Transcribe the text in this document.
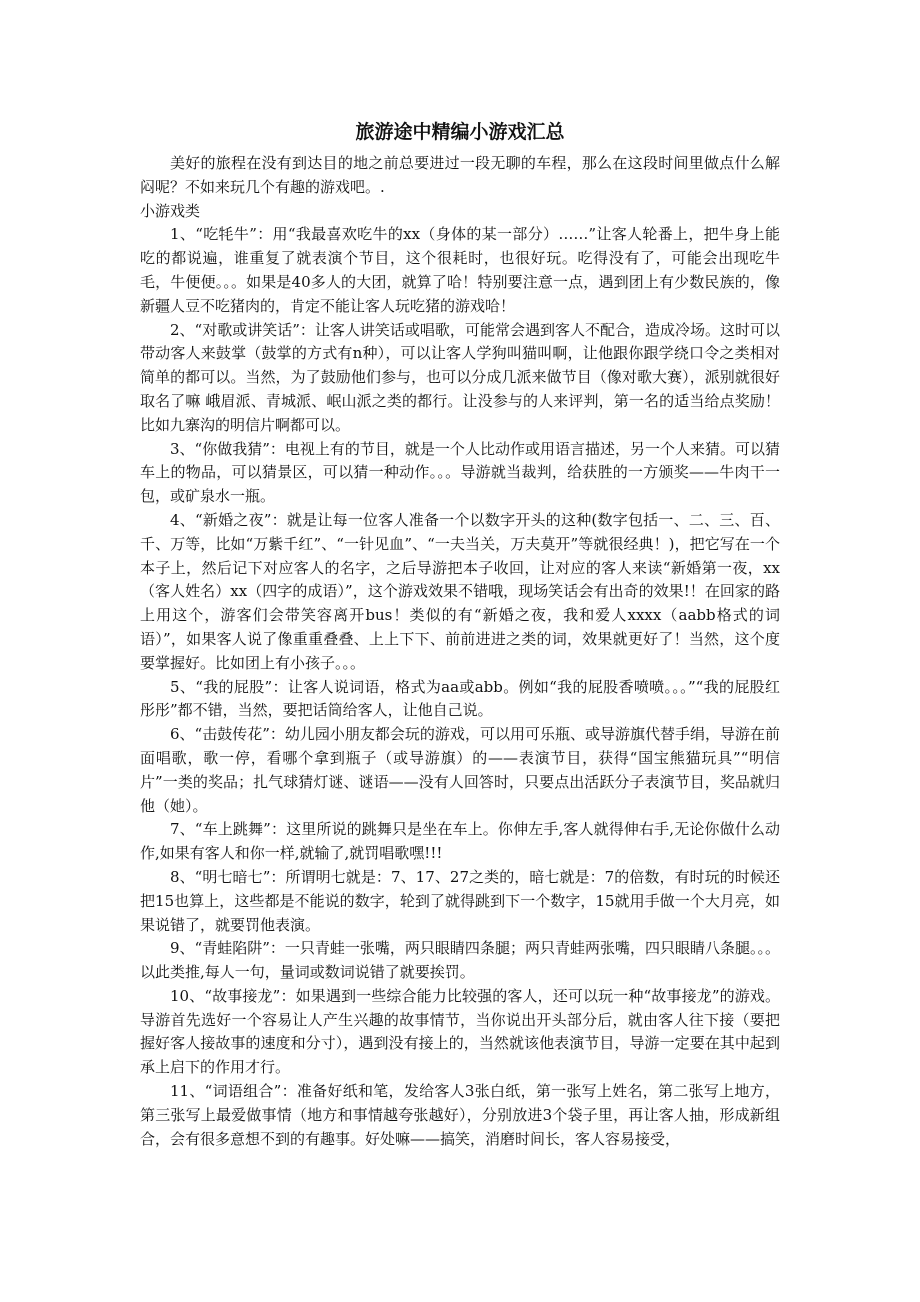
旅游途中精编小游戏汇总

美好的旅程在没有到达目的地之前总要进过一段无聊的车程，那么在这段时间里做点什么解闷呢？不如来玩几个有趣的游戏吧。.

小游戏类

1、“吃牦牛”：用“我最喜欢吃牛的xx（身体的某一部分）……”让客人轮番上，把牛身上能吃的都说遍，谁重复了就表演个节目，这个很耗时，也很好玩。吃得没有了，可能会出现吃牛毛，牛便便。。。如果是40多人的大团，就算了哈！特别要注意一点，遇到团上有少数民族的，像新疆人豆不吃猪肉的，肯定不能让客人玩吃猪的游戏哈！

2、“对歌或讲笑话”：让客人讲笑话或唱歌，可能常会遇到客人不配合，造成冷场。这时可以带动客人来鼓掌（鼓掌的方式有n种），可以让客人学狗叫猫叫啊，让他跟你跟学绕口令之类相对简单的都可以。当然，为了鼓励他们参与，也可以分成几派来做节目（像对歌大赛），派别就很好取名了嘛 峨眉派、青城派、岷山派之类的都行。让没参与的人来评判，第一名的适当给点奖励！比如九寨沟的明信片啊都可以。

3、“你做我猜”：电视上有的节目，就是一个人比动作或用语言描述，另一个人来猜。可以猜车上的物品，可以猜景区，可以猜一种动作。。。导游就当裁判，给获胜的一方颁奖——牛肉干一包，或矿泉水一瓶。

4、“新婚之夜”：就是让每一位客人准备一个以数字开头的这种(数字包括一、二、三、百、千、万等，比如“万紫千红”、“一针见血”、“一夫当关，万夫莫开”等就很经典！)，把它写在一个本子上，然后记下对应客人的名字，之后导游把本子收回，让对应的客人来读“新婚第一夜，xx（客人姓名）xx（四字的成语）”，这个游戏效果不错哦，现场笑话会有出奇的效果!！在回家的路上用这个，游客们会带笑容离开bus！类似的有“新婚之夜，我和爱人xxxx（aabb格式的词语）”，如果客人说了像重重叠叠、上上下下、前前进进之类的词，效果就更好了！当然，这个度要掌握好。比如团上有小孩子。。。

5、“我的屁股”：让客人说词语，格式为aa或abb。例如“我的屁股香喷喷。。。”“我的屁股红彤彤”都不错，当然，要把话筒给客人，让他自己说。

6、“击鼓传花”：幼儿园小朋友都会玩的游戏，可以用可乐瓶、或导游旗代替手绢，导游在前面唱歌，歌一停，看哪个拿到瓶子（或导游旗）的——表演节目，获得“国宝熊猫玩具”“明信片”一类的奖品；扎气球猜灯谜、谜语——没有人回答时，只要点出活跃分子表演节目，奖品就归他（她）。

7、“车上跳舞”：这里所说的跳舞只是坐在车上。你伸左手,客人就得伸右手,无论你做什么动作,如果有客人和你一样,就输了,就罚唱歌嘿!!!

8、“明七暗七”：所谓明七就是：7、17、27之类的，暗七就是：7的倍数，有时玩的时候还把15也算上，这些都是不能说的数字，轮到了就得跳到下一个数字，15就用手做一个大月亮，如果说错了，就要罚他表演。

9、“青蛙陷阱”：一只青蛙一张嘴，两只眼睛四条腿；两只青蛙两张嘴，四只眼睛八条腿。。。以此类推,每人一句，量词或数词说错了就要挨罚。

10、“故事接龙”：如果遇到一些综合能力比较强的客人，还可以玩一种“故事接龙”的游戏。导游首先选好一个容易让人产生兴趣的故事情节，当你说出开头部分后，就由客人往下接（要把握好客人接故事的速度和分寸），遇到没有接上的，当然就该他表演节目，导游一定要在其中起到承上启下的作用才行。

11、“词语组合”：准备好纸和笔，发给客人3张白纸，第一张写上姓名，第二张写上地方，第三张写上最爱做事情（地方和事情越夸张越好），分别放进3个袋子里，再让客人抽，形成新组合，会有很多意想不到的有趣事。好处嘛——搞笑，消磨时间长，客人容易接受，
